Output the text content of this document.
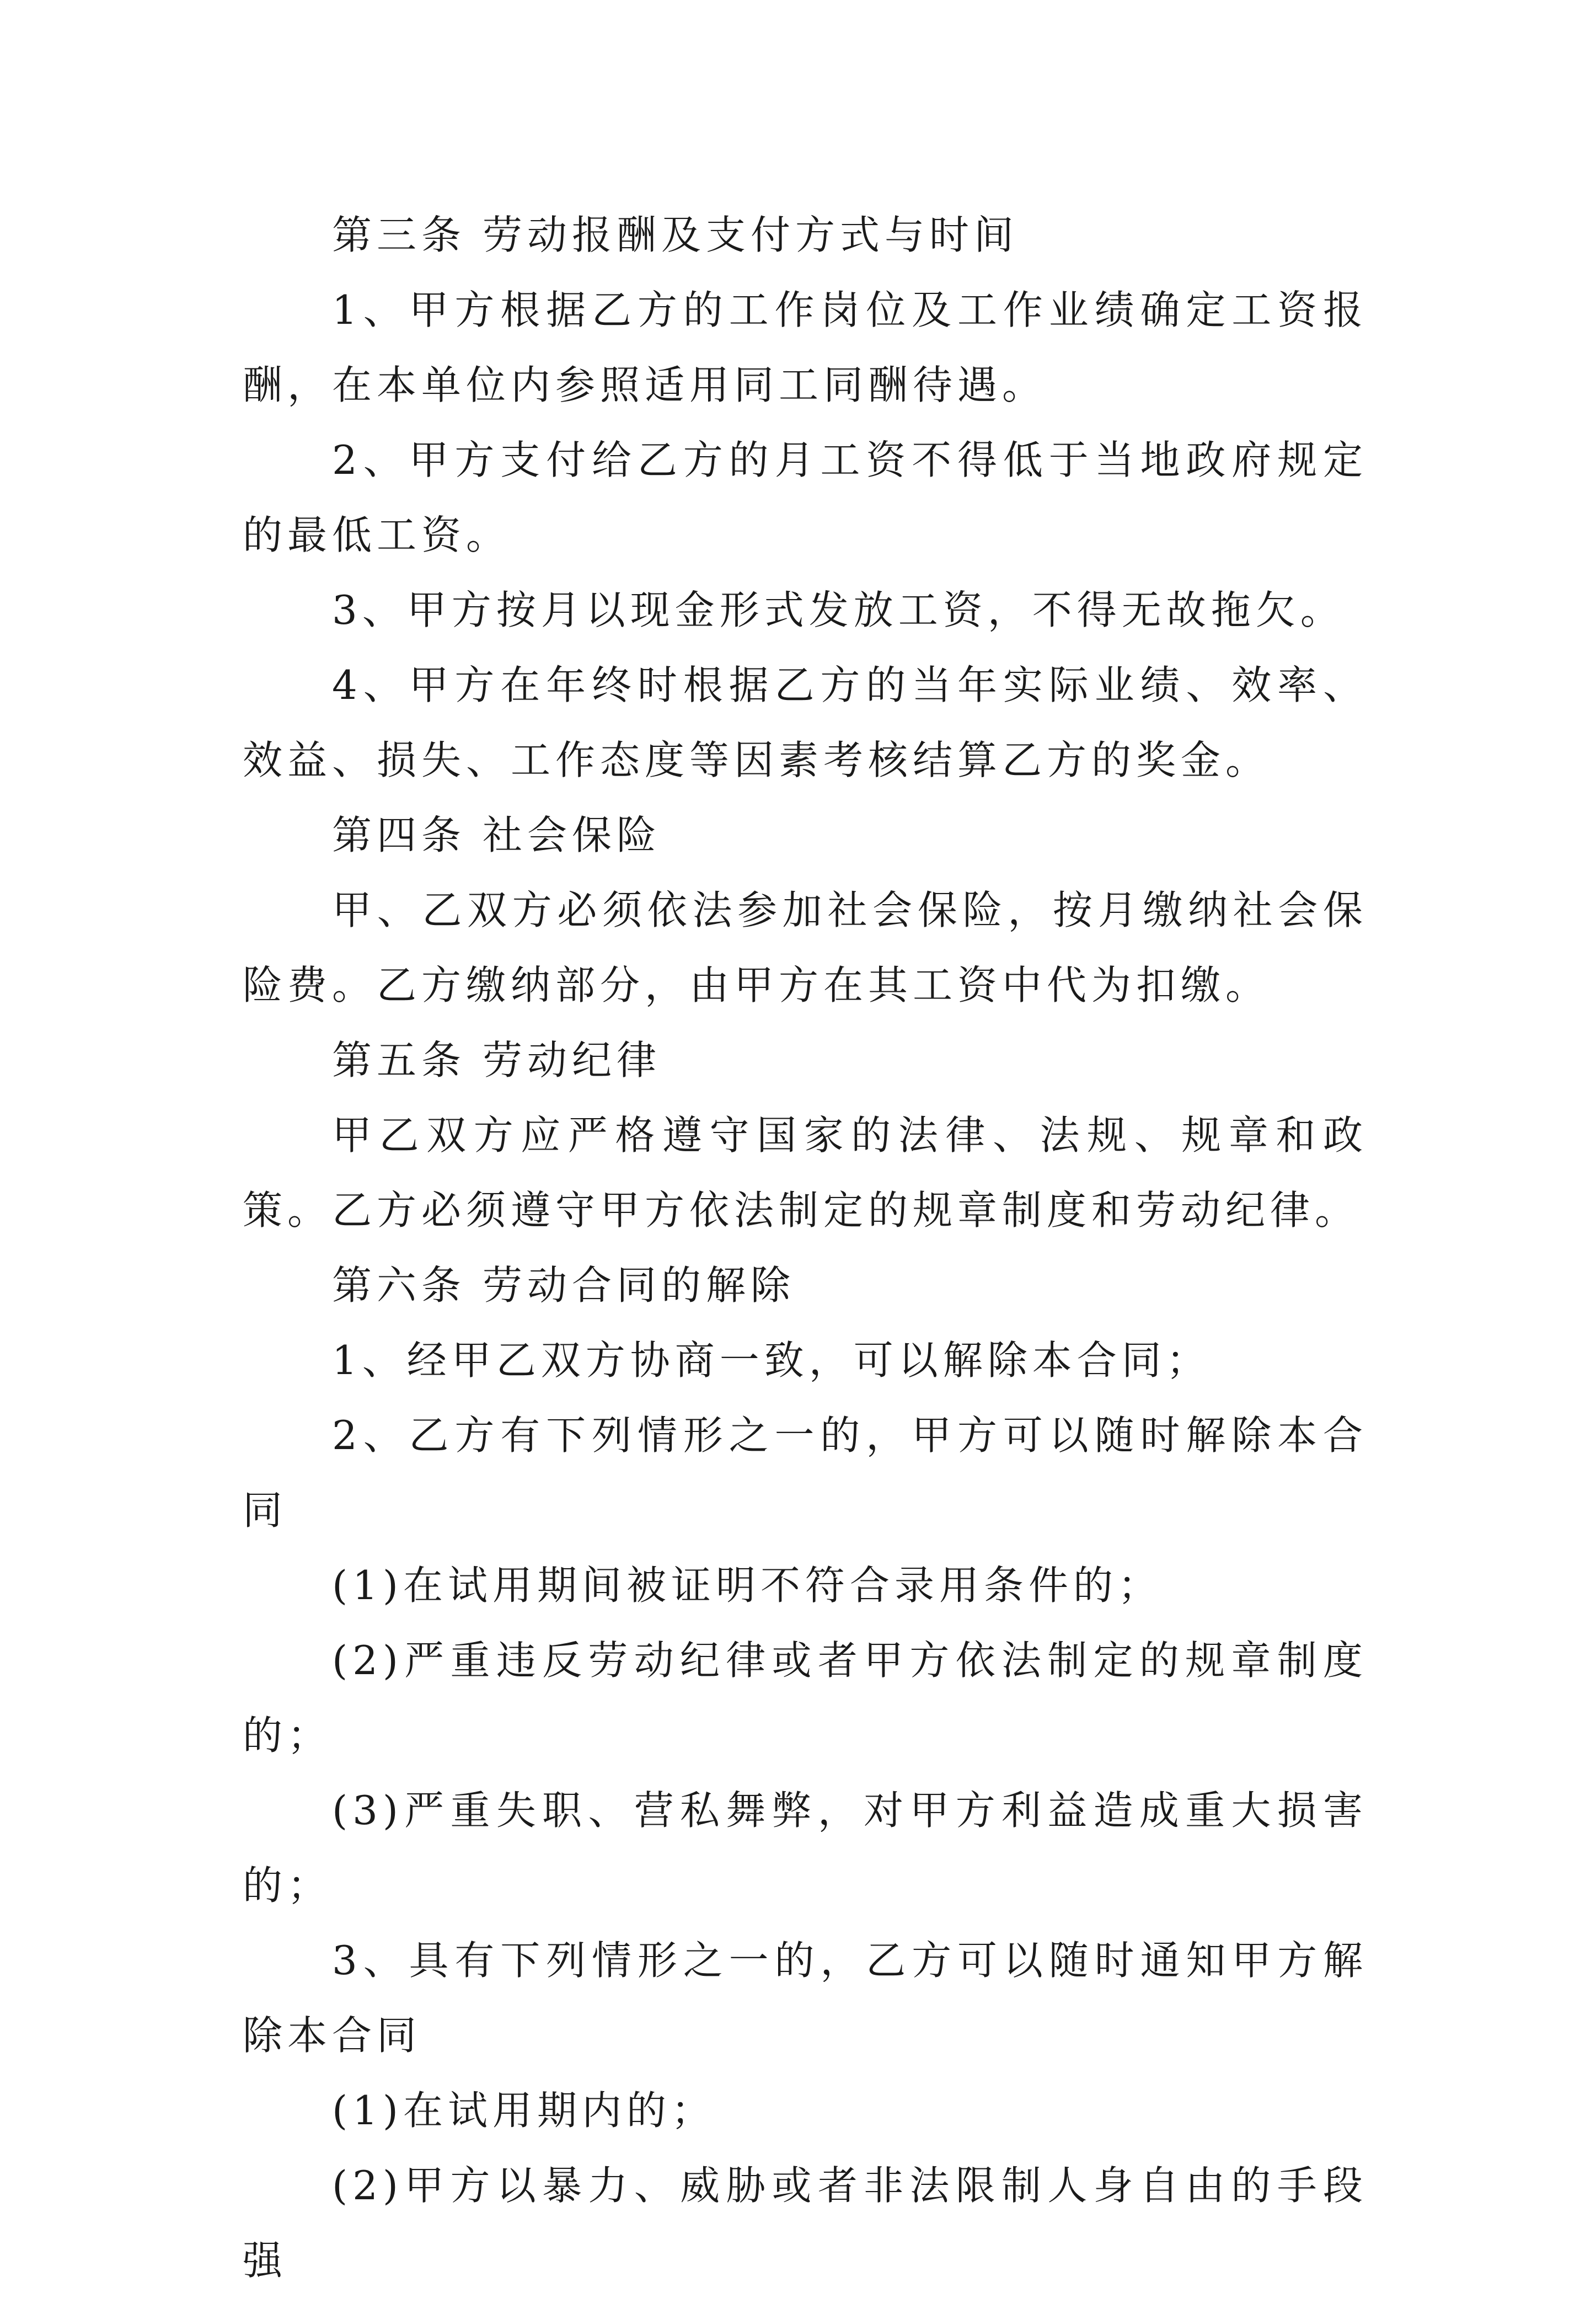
第三条 劳动报酬及支付方式与时间

1、甲方根据乙方的工作岗位及工作业绩确定工资报酬，在本单位内参照适用同工同酬待遇。

2、甲方支付给乙方的月工资不得低于当地政府规定的最低工资。

3、甲方按月以现金形式发放工资，不得无故拖欠。

4、甲方在年终时根据乙方的当年实际业绩、效率、效益、损失、工作态度等因素考核结算乙方的奖金。

第四条 社会保险

甲、乙双方必须依法参加社会保险，按月缴纳社会保险费。乙方缴纳部分，由甲方在其工资中代为扣缴。

第五条 劳动纪律

甲乙双方应严格遵守国家的法律、法规、规章和政策。乙方必须遵守甲方依法制定的规章制度和劳动纪律。

第六条 劳动合同的解除

1、经甲乙双方协商一致，可以解除本合同；

2、乙方有下列情形之一的，甲方可以随时解除本合同

(1)在试用期间被证明不符合录用条件的；

(2)严重违反劳动纪律或者甲方依法制定的规章制度的；

(3)严重失职、营私舞弊，对甲方利益造成重大损害的；

3、具有下列情形之一的，乙方可以随时通知甲方解除本合同

(1)在试用期内的；

(2)甲方以暴力、威胁或者非法限制人身自由的手段强
